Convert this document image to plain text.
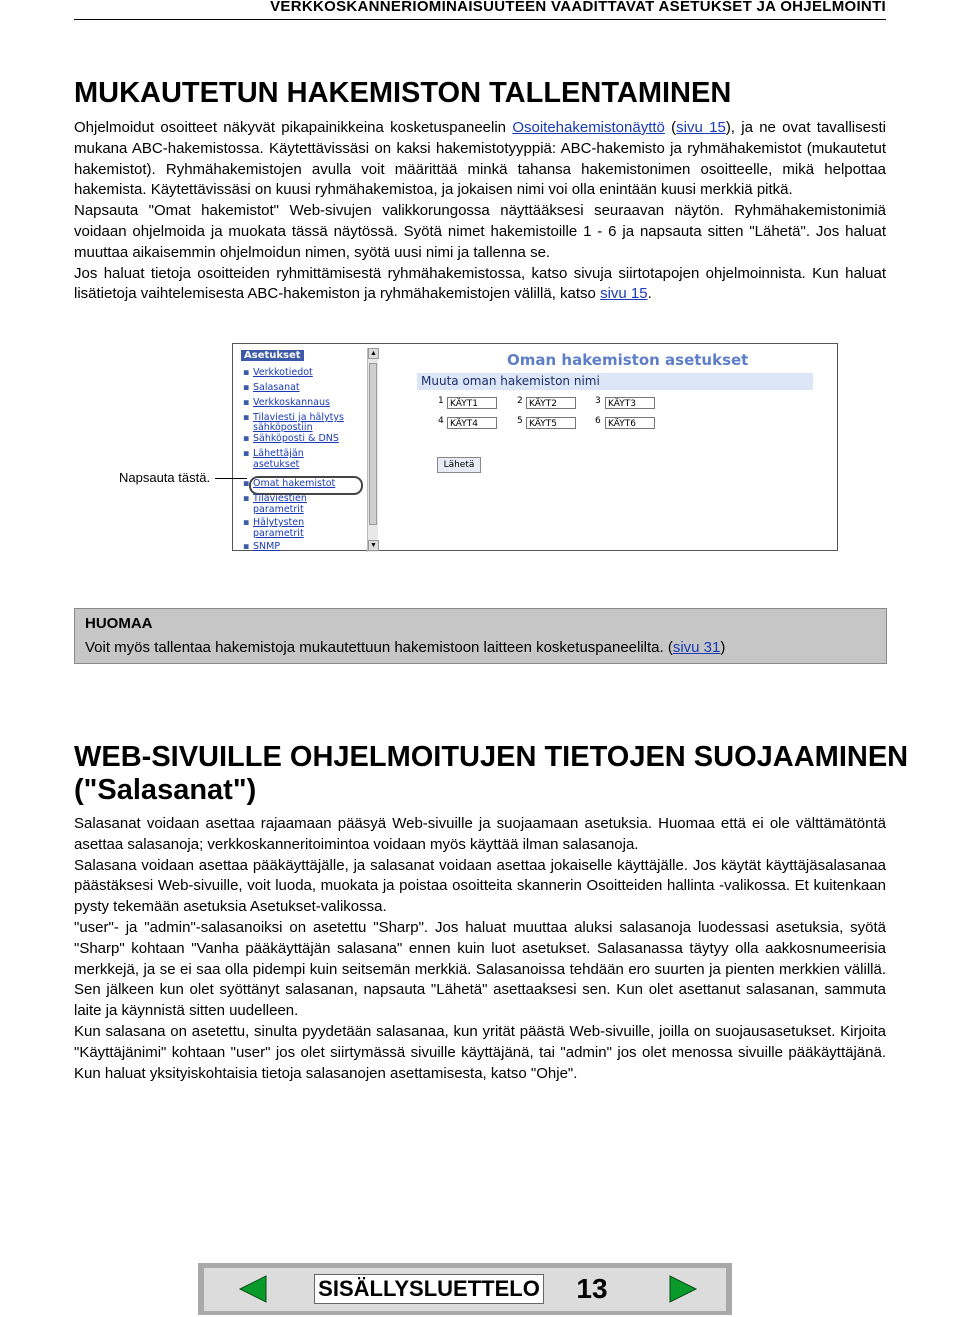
VERKKOSKANNERIOMINAISUUTEEN VAADITTAVAT ASETUKSET JA OHJELMOINTI
MUKAUTETUN HAKEMISTON TALLENTAMINEN

Ohjelmoidut osoitteet näkyvät pikapainikkeina kosketuspaneelin Osoitehakemistonäyttö (sivu 15), ja ne ovat tavallisesti mukana ABC-hakemistossa. Käytettävissäsi on kaksi hakemistotyyppiä: ABC-hakemisto ja ryhmähakemistot (mukautetut hakemistot). Ryhmähakemistojen avulla voit määrittää minkä tahansa hakemistonimen osoitteelle, mikä helpottaa hakemista. Käytettävissäsi on kuusi ryhmähakemistoa, ja jokaisen nimi voi olla enintään kuusi merkkiä pitkä.

Napsauta "Omat hakemistot" Web-sivujen valikkorungossa näyttääksesi seuraavan näytön. Ryhmähakemistonimiä voidaan ohjelmoida ja muokata tässä näytössä. Syötä nimet hakemistoille 1 - 6 ja napsauta sitten "Lähetä". Jos haluat muuttaa aikaisemmin ohjelmoidun nimen, syötä uusi nimi ja tallenna se.

Jos haluat tietoja osoitteiden ryhmittämisestä ryhmähakemistossa, katso sivuja siirtotapojen ohjelmoinnista. Kun haluat lisätietoja vaihtelemisesta ABC-hakemiston ja ryhmähakemistojen välillä, katso sivu 15.

Asetukset
▪ Verkkotiedot
▪ Salasanat
▪ Verkkoskannaus
▪ Tilaviesti ja hälytys sähköpostiin
▪ Sähköposti & DNS
▪ Lähettäjän
asetukset
▪ Omat hakemistot
▪ Tilaviestien
parametrit
▪ Hälytysten
parametrit
▪ SNMP
▲
▼
Oman hakemiston asetukset
Muuta oman hakemiston nimi
1 KÄYT1	2 KÄYT2	3 KÄYT3
4 KÄYT4	5 KÄYT5	6 KÄYT6
Lähetä
Napsauta tästä.
HUOMAA
Voit myös tallentaa hakemistoja mukautettuun hakemistoon laitteen kosketuspaneelilta. (sivu 31)
WEB-SIVUILLE OHJELMOITUJEN TIETOJEN SUOJAAMINEN
("Salasanat")

Salasanat voidaan asettaa rajaamaan pääsyä Web-sivuille ja suojaamaan asetuksia. Huomaa että ei ole välttämätöntä asettaa salasanoja; verkkoskanneritoimintoa voidaan myös käyttää ilman salasanoja.

Salasana voidaan asettaa pääkäyttäjälle, ja salasanat voidaan asettaa jokaiselle käyttäjälle. Jos käytät käyttäjäsalasanaa päästäksesi Web-sivuille, voit luoda, muokata ja poistaa osoitteita skannerin Osoitteiden hallinta -valikossa. Et kuitenkaan pysty tekemään asetuksia Asetukset-valikossa.

"user"- ja "admin"-salasanoiksi on asetettu "Sharp". Jos haluat muuttaa aluksi salasanoja luodessasi asetuksia, syötä "Sharp" kohtaan "Vanha pääkäyttäjän salasana" ennen kuin luot asetukset. Salasanassa täytyy olla aakkosnumeerisia merkkejä, ja se ei saa olla pidempi kuin seitsemän merkkiä. Salasanoissa tehdään ero suurten ja pienten merkkien välillä. Sen jälkeen kun olet syöttänyt salasanan, napsauta "Lähetä" asettaaksesi sen. Kun olet asettanut salasanan, sammuta laite ja käynnistä sitten uudelleen.

Kun salasana on asetettu, sinulta pyydetään salasanaa, kun yrität päästä Web-sivuille, joilla on suojausasetukset. Kirjoita "Käyttäjänimi" kohtaan "user" jos olet siirtymässä sivuille käyttäjänä, tai "admin" jos olet menossa sivuille pääkäyttäjänä. Kun haluat yksityiskohtaisia tietoja salasanojen asettamisesta, katso "Ohje".

SISÄLLYSLUETTELO	13
